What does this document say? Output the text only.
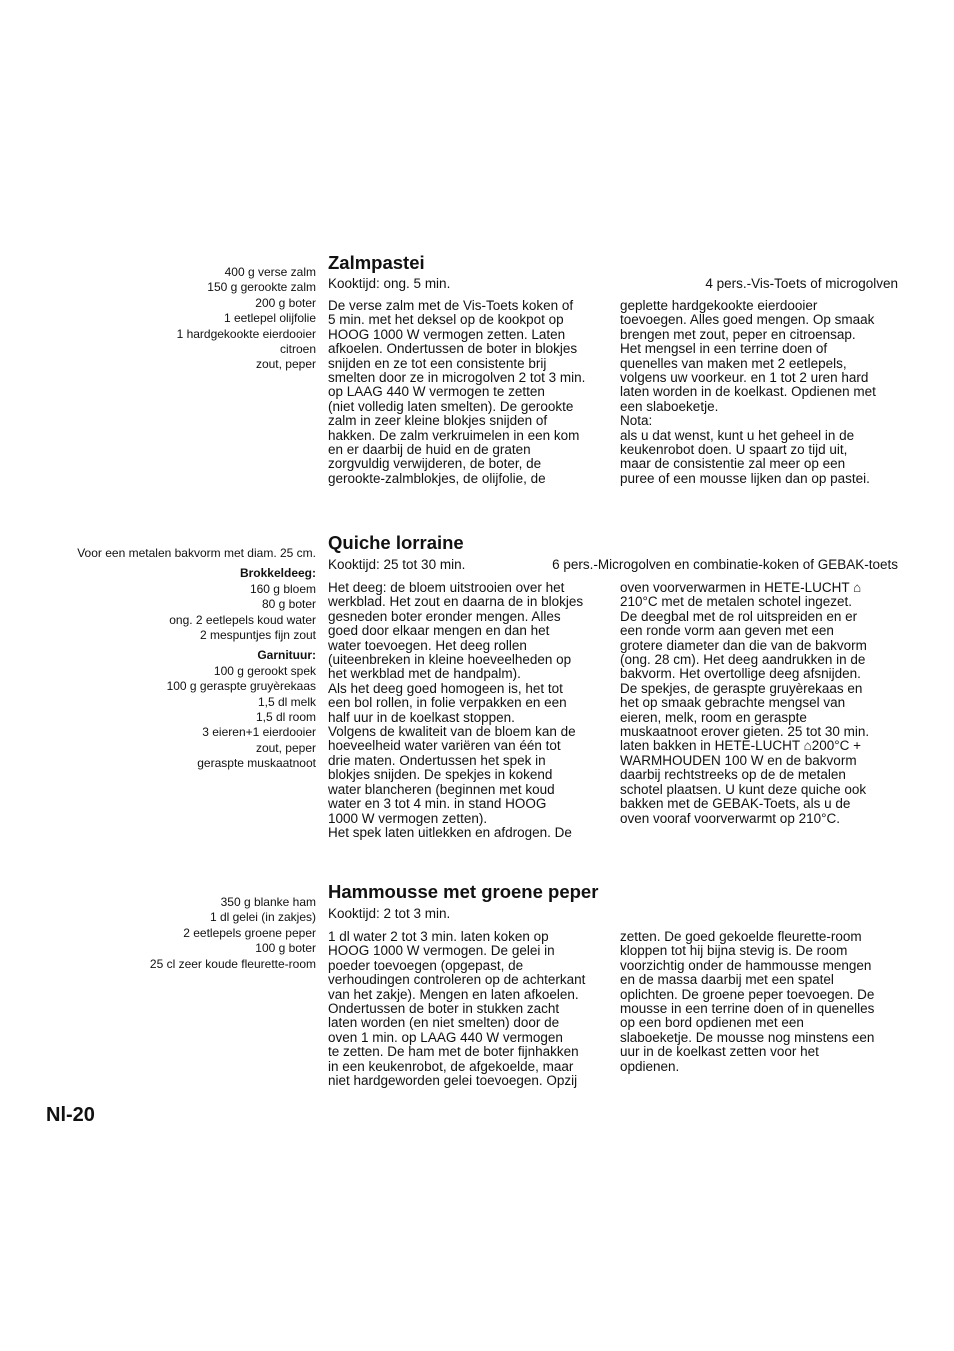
400 g verse zalm
150 g gerookte zalm
200 g boter
1 eetlepel olijfolie
1 hardgekookte eierdooier
citroen
zout, peper
Zalmpastei
Kooktijd: ong. 5 min.	4 pers.-Vis-Toets of microgolven
De verse zalm met de Vis-Toets koken of
5 min. met het deksel op de kookpot op
HOOG 1000 W vermogen zetten. Laten
afkoelen. Ondertussen de boter in blokjes
snijden en ze tot een consistente brij
smelten door ze in microgolven 2 tot 3 min.
op LAAG 440 W vermogen te zetten
(niet volledig laten smelten). De gerookte
zalm in zeer kleine blokjes snijden of
hakken. De zalm verkruimelen in een kom
en er daarbij de huid en de graten
zorgvuldig verwijderen, de boter, de
gerookte-zalmblokjes, de olijfolie, de
geplette hardgekookte eierdooier
toevoegen. Alles goed mengen. Op smaak
brengen met zout, peper en citroensap.
Het mengsel in een terrine doen of
quenelles van maken met 2 eetlepels,
volgens uw voorkeur. en 1 tot 2 uren hard
laten worden in de koelkast. Opdienen met
een slaboeketje.
Nota:
als u dat wenst, kunt u het geheel in de
keukenrobot doen. U spaart zo tijd uit,
maar de consistentie zal meer op een
puree of een mousse lijken dan op pastei.
Voor een metalen bakvorm met diam. 25 cm.
Brokkeldeeg:
160 g bloem
80 g boter
ong. 2 eetlepels koud water
2 mespuntjes fijn zout
Garnituur:
100 g gerookt spek
100 g geraspte gruyèrekaas
1,5 dl melk
1,5 dl room
3 eieren+1 eierdooier
zout, peper
geraspte muskaatnoot
Quiche lorraine
Kooktijd: 25 tot 30 min.	6 pers.-Microgolven en combinatie-koken of GEBAK-toets
Het deeg: de bloem uitstrooien over het
werkblad. Het zout en daarna de in blokjes
gesneden boter eronder mengen. Alles
goed door elkaar mengen en dan het
water toevoegen. Het deeg rollen
(uiteenbreken in kleine hoeveelheden op
het werkblad met de handpalm).
Als het deeg goed homogeen is, het tot
een bol rollen, in folie verpakken en een
half uur in de koelkast stoppen.
Volgens de kwaliteit van de bloem kan de
hoeveelheid water variëren van één tot
drie maten. Ondertussen het spek in
blokjes snijden. De spekjes in kokend
water blancheren (beginnen met koud
water en 3 tot 4 min. in stand HOOG
1000 W vermogen zetten).
Het spek laten uitlekken en afdrogen. De
oven voorverwarmen in HETE-LUCHT ⌂
210°C met de metalen schotel ingezet.
De deegbal met de rol uitspreiden en er
een ronde vorm aan geven met een
grotere diameter dan die van de bakvorm
(ong. 28 cm). Het deeg aandrukken in de
bakvorm. Het overtollige deeg afsnijden.
De spekjes, de geraspte gruyèrekaas en
het op smaak gebrachte mengsel van
eieren, melk, room en geraspte
muskaatnoot erover gieten. 25 tot 30 min.
laten bakken in HETE-LUCHT ⌂200°C +
WARMHOUDEN 100 W en de bakvorm
daarbij rechtstreeks op de de metalen
schotel plaatsen. U kunt deze quiche ook
bakken met de GEBAK-Toets, als u de
oven vooraf voorverwarmt op 210°C.
350 g blanke ham
1 dl gelei (in zakjes)
2 eetlepels groene peper
100 g boter
25 cl zeer koude fleurette-room
Hammousse met groene peper
Kooktijd: 2 tot 3 min.
1 dl water 2 tot 3 min. laten koken op
HOOG 1000 W vermogen. De gelei in
poeder toevoegen (opgepast, de
verhoudingen controleren op de achterkant
van het zakje). Mengen en laten afkoelen.
Ondertussen de boter in stukken zacht
laten worden (en niet smelten) door de
oven 1 min. op LAAG 440 W vermogen
te zetten. De ham met de boter fijnhakken
in een keukenrobot, de afgekoelde, maar
niet hardgeworden gelei toevoegen. Opzij
zetten. De goed gekoelde fleurette-room
kloppen tot hij bijna stevig is. De room
voorzichtig onder de hammousse mengen
en de massa daarbij met een spatel
oplichten. De groene peper toevoegen. De
mousse in een terrine doen of in quenelles
op een bord opdienen met een
slaboeketje. De mousse nog minstens een
uur in de koelkast zetten voor het
opdienen.
Nl-20
